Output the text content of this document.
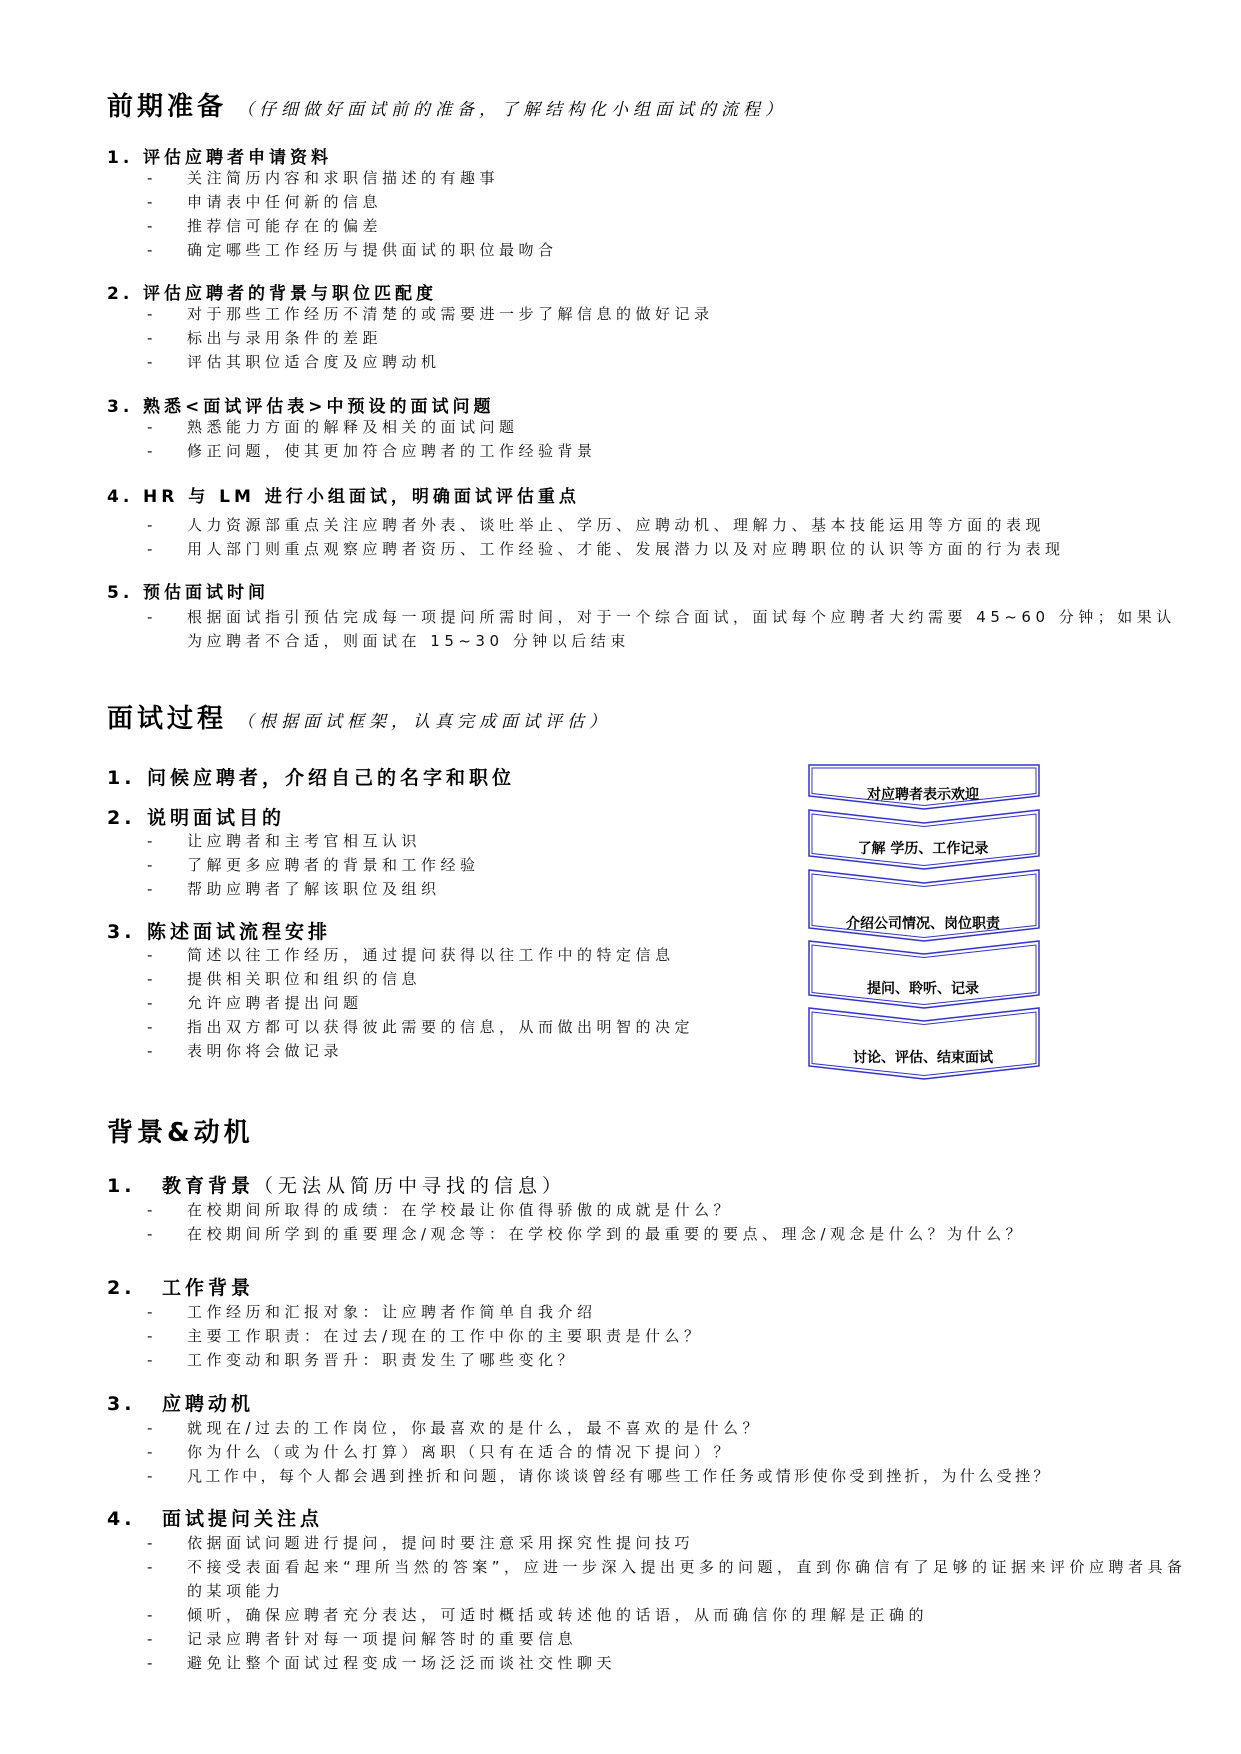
前期准备 （仔细做好面试前的准备，了解结构化小组面试的流程）
1. 评估应聘者申请资料
- 关注简历内容和求职信描述的有趣事
- 申请表中任何新的信息
- 推荐信可能存在的偏差
- 确定哪些工作经历与提供面试的职位最吻合
2. 评估应聘者的背景与职位匹配度
- 对于那些工作经历不清楚的或需要进一步了解信息的做好记录
- 标出与录用条件的差距
- 评估其职位适合度及应聘动机
3. 熟悉<面试评估表>中预设的面试问题
- 熟悉能力方面的解释及相关的面试问题
- 修正问题，使其更加符合应聘者的工作经验背景
4. HR 与 LM 进行小组面试，明确面试评估重点
- 人力资源部重点关注应聘者外表、谈吐举止、学历、应聘动机、理解力、基本技能运用等方面的表现
- 用人部门则重点观察应聘者资历、工作经验、才能、发展潜力以及对应聘职位的认识等方面的行为表现
5. 预估面试时间
- 根据面试指引预估完成每一项提问所需时间，对于一个综合面试，面试每个应聘者大约需要 45~60 分钟；如果认为应聘者不合适，则面试在 15~30 分钟以后结束
面试过程 （根据面试框架，认真完成面试评估）
1. 问候应聘者，介绍自己的名字和职位
2. 说明面试目的
- 让应聘者和主考官相互认识
- 了解更多应聘者的背景和工作经验
- 帮助应聘者了解该职位及组织
3. 陈述面试流程安排
- 简述以往工作经历，通过提问获得以往工作中的特定信息
- 提供相关职位和组织的信息
- 允许应聘者提出问题
- 指出双方都可以获得彼此需要的信息，从而做出明智的决定
- 表明你将会做记录
对应聘者表示欢迎
了解 学历、工作记录
介绍公司情况、岗位职责
提问、聆听、记录
讨论、评估、结束面试
背景&动机
1. 教育背景（无法从简历中寻找的信息）
- 在校期间所取得的成绩：在学校最让你值得骄傲的成就是什么？
- 在校期间所学到的重要理念/观念等：在学校你学到的最重要的要点、理念/观念是什么？为什么？
2. 工作背景
- 工作经历和汇报对象：让应聘者作简单自我介绍
- 主要工作职责：在过去/现在的工作中你的主要职责是什么？
- 工作变动和职务晋升：职责发生了哪些变化？
3. 应聘动机
- 就现在/过去的工作岗位，你最喜欢的是什么，最不喜欢的是什么？
- 你为什么（或为什么打算）离职（只有在适合的情况下提问）？
- 凡工作中，每个人都会遇到挫折和问题，请你谈谈曾经有哪些工作任务或情形使你受到挫折，为什么受挫？
4. 面试提问关注点
- 依据面试问题进行提问，提问时要注意采用探究性提问技巧
- 不接受表面看起来“理所当然的答案”，应进一步深入提出更多的问题，直到你确信有了足够的证据来评价应聘者具备的某项能力
- 倾听，确保应聘者充分表达，可适时概括或转述他的话语，从而确信你的理解是正确的
- 记录应聘者针对每一项提问解答时的重要信息
- 避免让整个面试过程变成一场泛泛而谈社交性聊天
